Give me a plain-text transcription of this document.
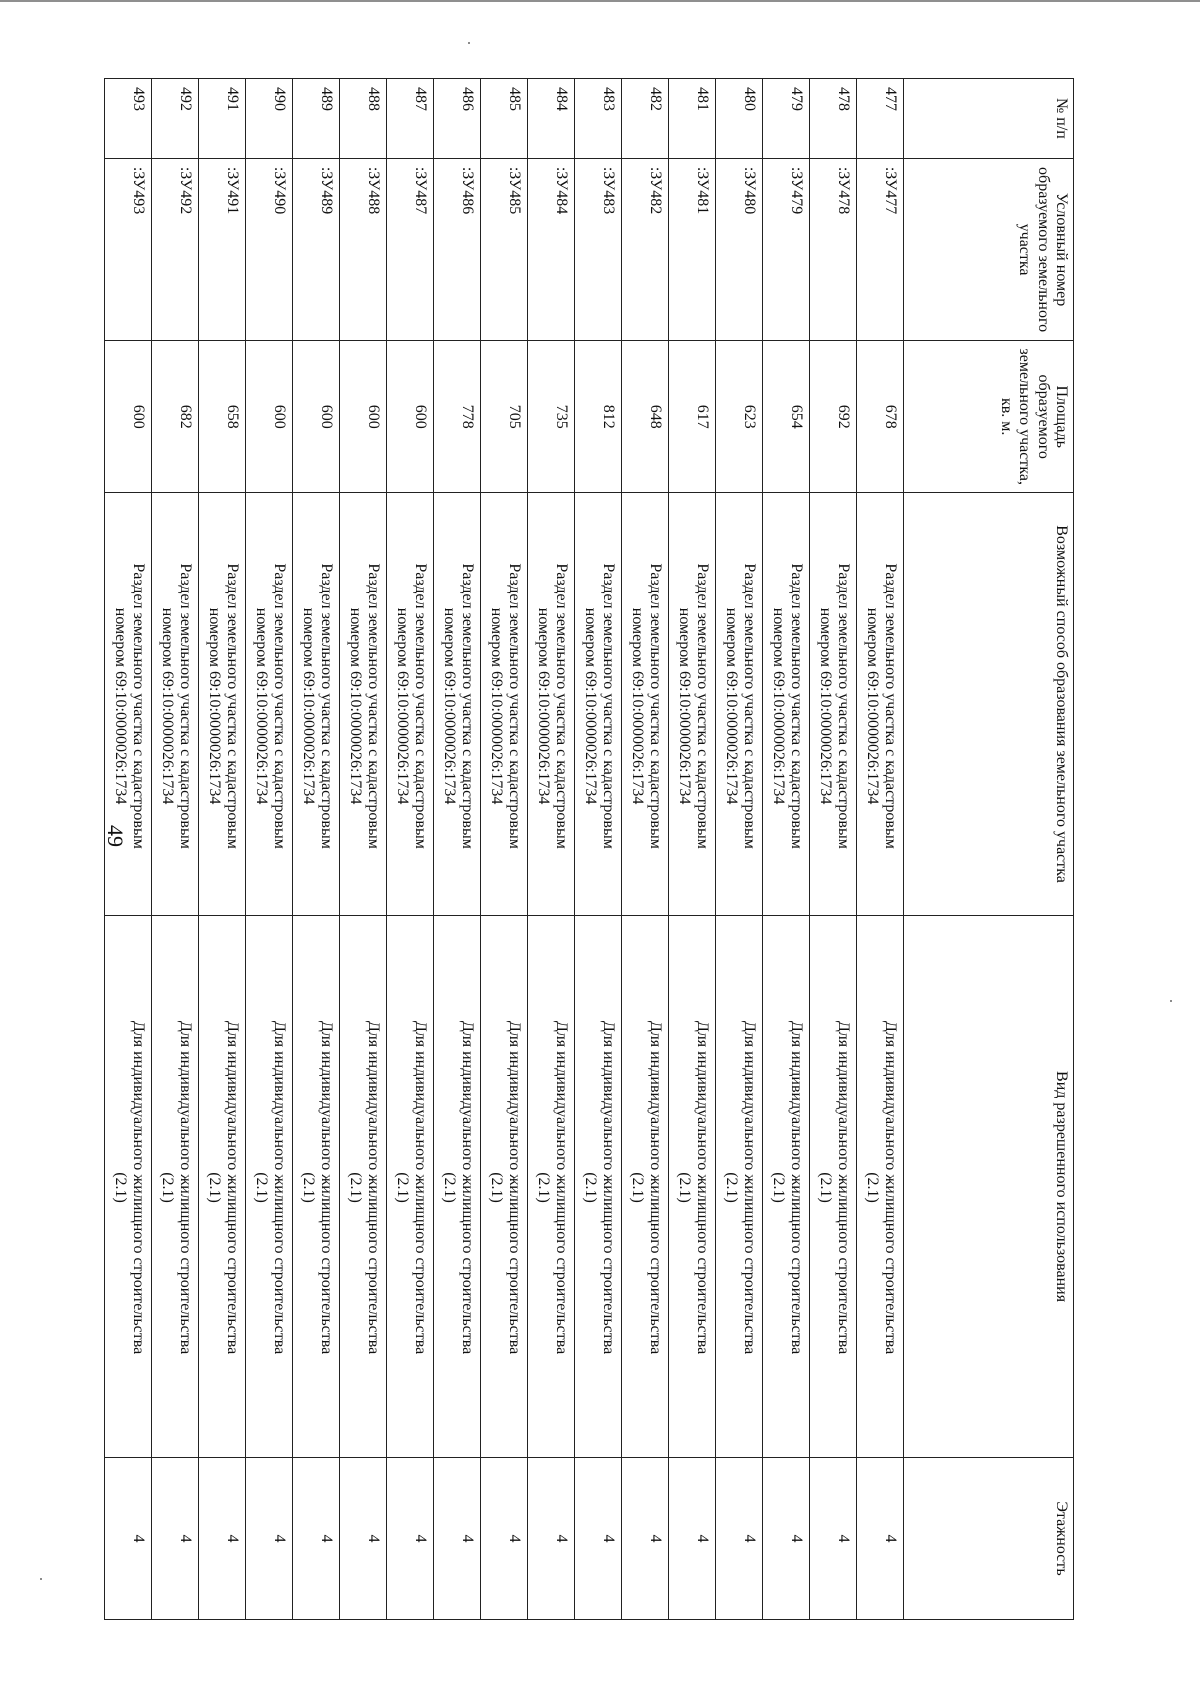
49
№ п/п	Условный номер образуемого земельного участка	Площадь образуемого земельного участка, кв. м.	Возможный способ образования земельного участка	Вид разрешенного использования	Этажность
477	:ЗУ477	678	Раздел земельного участка с кадастровым
номером 69:10:0000026:1734	Для индивидуального жилищного строительства
(2.1)	4
478	:ЗУ478	692	Раздел земельного участка с кадастровым
номером 69:10:0000026:1734	Для индивидуального жилищного строительства
(2.1)	4
479	:ЗУ479	654	Раздел земельного участка с кадастровым
номером 69:10:0000026:1734	Для индивидуального жилищного строительства
(2.1)	4
480	:ЗУ480	623	Раздел земельного участка с кадастровым
номером 69:10:0000026:1734	Для индивидуального жилищного строительства
(2.1)	4
481	:ЗУ481	617	Раздел земельного участка с кадастровым
номером 69:10:0000026:1734	Для индивидуального жилищного строительства
(2.1)	4
482	:ЗУ482	648	Раздел земельного участка с кадастровым
номером 69:10:0000026:1734	Для индивидуального жилищного строительства
(2.1)	4
483	:ЗУ483	812	Раздел земельного участка с кадастровым
номером 69:10:0000026:1734	Для индивидуального жилищного строительства
(2.1)	4
484	:ЗУ484	735	Раздел земельного участка с кадастровым
номером 69:10:0000026:1734	Для индивидуального жилищного строительства
(2.1)	4
485	:ЗУ485	705	Раздел земельного участка с кадастровым
номером 69:10:0000026:1734	Для индивидуального жилищного строительства
(2.1)	4
486	:ЗУ486	778	Раздел земельного участка с кадастровым
номером 69:10:0000026:1734	Для индивидуального жилищного строительства
(2.1)	4
487	:ЗУ487	600	Раздел земельного участка с кадастровым
номером 69:10:0000026:1734	Для индивидуального жилищного строительства
(2.1)	4
488	:ЗУ488	600	Раздел земельного участка с кадастровым
номером 69:10:0000026:1734	Для индивидуального жилищного строительства
(2.1)	4
489	:ЗУ489	600	Раздел земельного участка с кадастровым
номером 69:10:0000026:1734	Для индивидуального жилищного строительства
(2.1)	4
490	:ЗУ490	600	Раздел земельного участка с кадастровым
номером 69:10:0000026:1734	Для индивидуального жилищного строительства
(2.1)	4
491	:ЗУ491	658	Раздел земельного участка с кадастровым
номером 69:10:0000026:1734	Для индивидуального жилищного строительства
(2.1)	4
492	:ЗУ492	682	Раздел земельного участка с кадастровым
номером 69:10:0000026:1734	Для индивидуального жилищного строительства
(2.1)	4
493	:ЗУ493	600	Раздел земельного участка с кадастровым
номером 69:10:0000026:1734	Для индивидуального жилищного строительства
(2.1)	4
